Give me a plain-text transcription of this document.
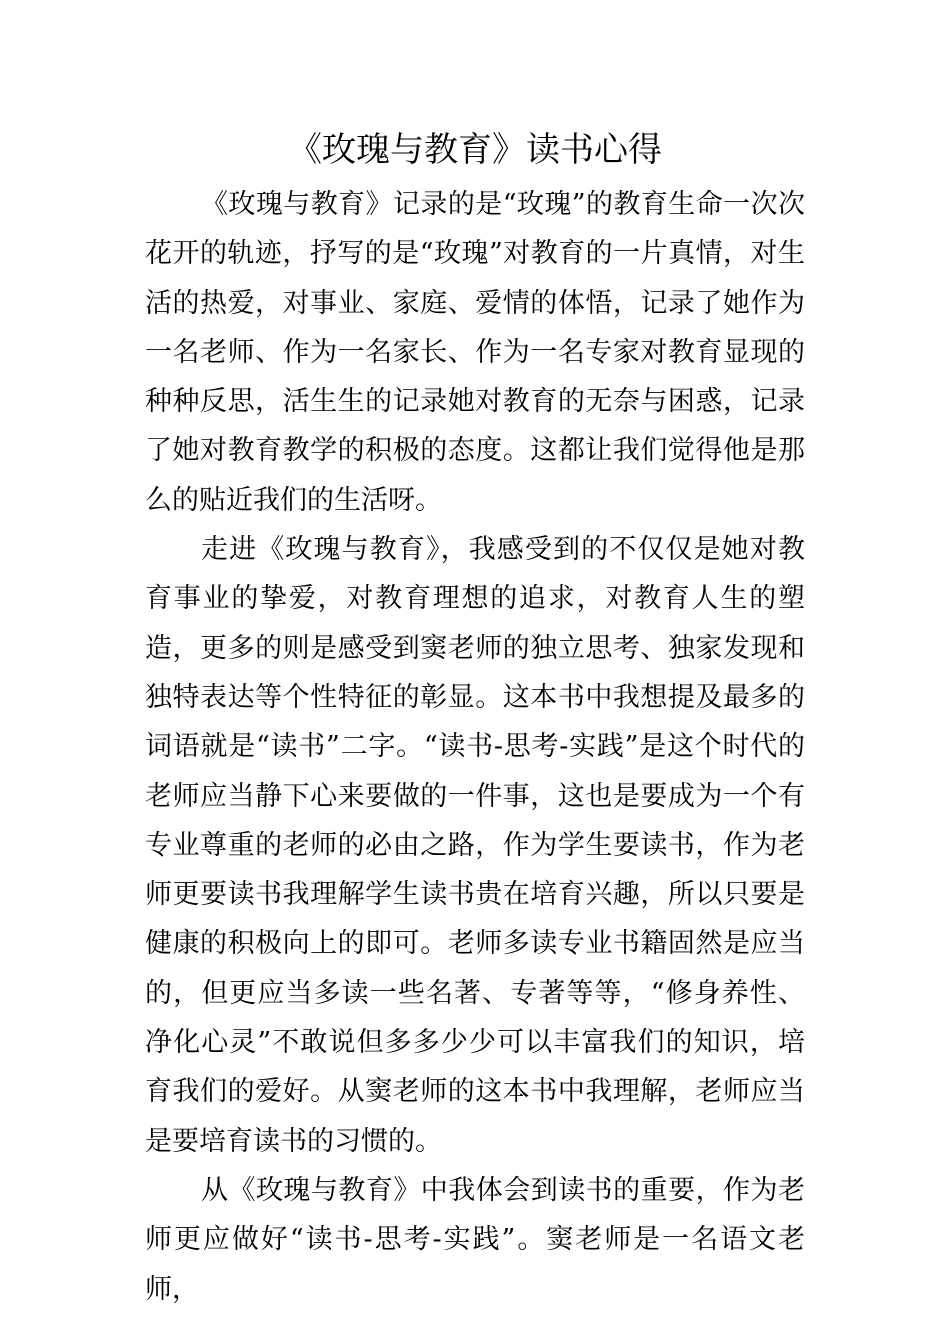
《玫瑰与教育》读书心得

《玫瑰与教育》记录的是“玫瑰”的教育生命一次次花开的轨迹，抒写的是“玫瑰”对教育的一片真情，对生活的热爱，对事业、家庭、爱情的体悟，记录了她作为一名老师、作为一名家长、作为一名专家对教育显现的种种反思，活生生的记录她对教育的无奈与困惑，记录了她对教育教学的积极的态度。这都让我们觉得他是那么的贴近我们的生活呀。

走进《玫瑰与教育》，我感受到的不仅仅是她对教育事业的挚爱，对教育理想的追求，对教育人生的塑造，更多的则是感受到窦老师的独立思考、独家发现和独特表达等个性特征的彰显。这本书中我想提及最多的词语就是“读书”二字。“读书-思考-实践”是这个时代的老师应当静下心来要做的一件事，这也是要成为一个有专业尊重的老师的必由之路，作为学生要读书，作为老师更要读书我理解学生读书贵在培育兴趣，所以只要是健康的积极向上的即可。老师多读专业书籍固然是应当的，但更应当多读一些名著、专著等等，“修身养性、净化心灵”不敢说但多多少少可以丰富我们的知识，培育我们的爱好。从窦老师的这本书中我理解，老师应当是要培育读书的习惯的。

从《玫瑰与教育》中我体会到读书的重要，作为老师更应做好“读书-思考-实践”。窦老师是一名语文老师，
